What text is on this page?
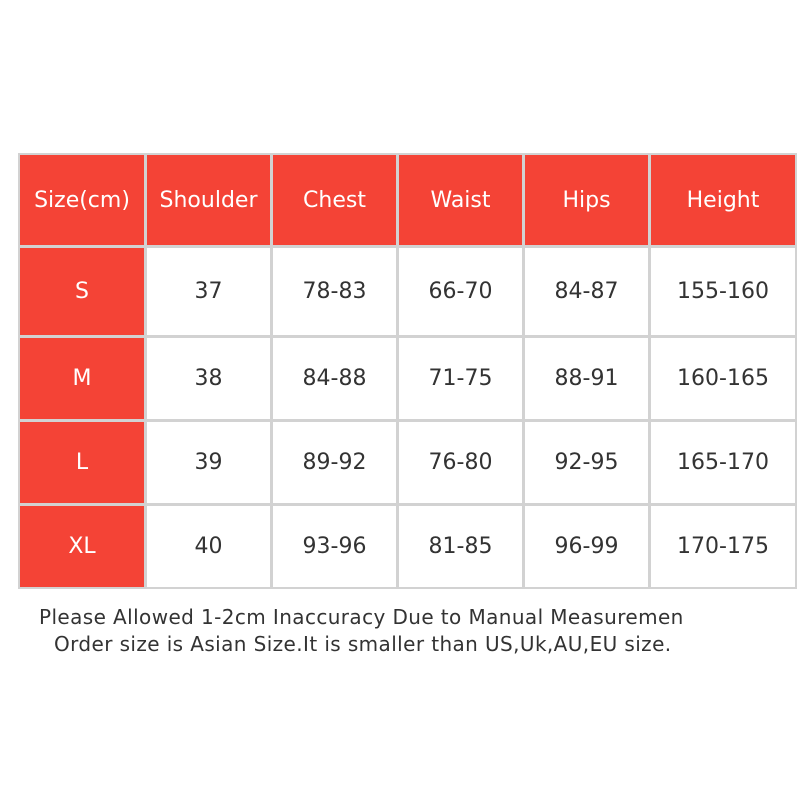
Size(cm)	Shoulder	Chest	Waist	Hips	Height
S	37	78-83	66-70	84-87	155-160
M	38	84-88	71-75	88-91	160-165
L	39	89-92	76-80	92-95	165-170
XL	40	93-96	81-85	96-99	170-175
Please Allowed 1-2cm Inaccuracy Due to Manual Measuremen
Order size is Asian Size.It is smaller than US,Uk,AU,EU size.
